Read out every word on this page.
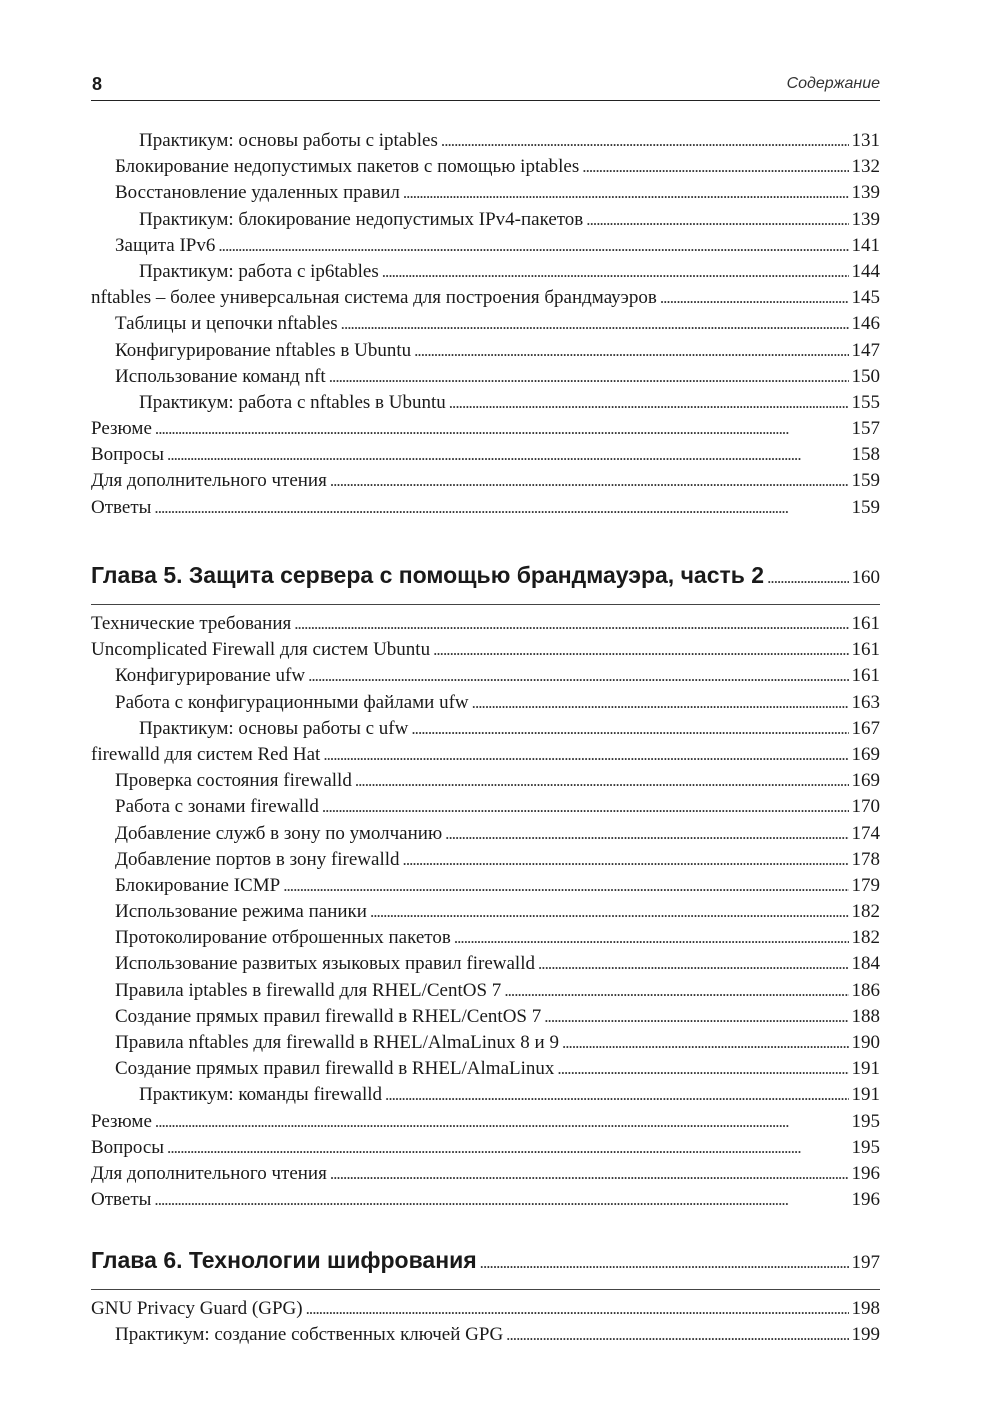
8	Содержание
Практикум: основы работы с iptables . . .	131
Блокирование недопустимых пакетов с помощью iptables . . .	132
Восстановление удаленных правил . . .	139
Практикум: блокирование недопустимых IPv4-пакетов . . .	139
Защита IPv6 . . .	141
Практикум: работа с ip6tables . . .	144
nftables – более универсальная система для построения брандмауэров . . .	145
Таблицы и цепочки nftables . . .	146
Конфигурирование nftables в Ubuntu . . .	147
Использование команд nft . . .	150
Практикум: работа с nftables в Ubuntu . . .	155
Резюме . . .	157
Вопросы . . .	158
Для дополнительного чтения . . .	159
Ответы . . .	159
Глава 5. Защита сервера с помощью брандмауэра, часть 2 . . .	160
Технические требования . . .	161
Uncomplicated Firewall для систем Ubuntu . . .	161
Конфигурирование ufw . . .	161
Работа с конфигурационными файлами ufw . . .	163
Практикум: основы работы с ufw . . .	167
firewalld для систем Red Hat . . .	169
Проверка состояния firewalld . . .	169
Работа с зонами firewalld . . .	170
Добавление служб в зону по умолчанию . . .	174
Добавление портов в зону firewalld . . .	178
Блокирование ICMP . . .	179
Использование режима паники . . .	182
Протоколирование отброшенных пакетов . . .	182
Использование развитых языковых правил firewalld . . .	184
Правила iptables в firewalld для RHEL/CentOS 7 . . .	186
Создание прямых правил firewalld в RHEL/CentOS 7 . . .	188
Правила nftables для firewalld в RHEL/AlmaLinux 8 и 9 . . .	190
Создание прямых правил firewalld в RHEL/AlmaLinux . . .	191
Практикум: команды firewalld . . .	191
Резюме . . .	195
Вопросы . . .	195
Для дополнительного чтения . . .	196
Ответы . . .	196
Глава 6. Технологии шифрования . . .	197
GNU Privacy Guard (GPG) . . .	198
Практикум: создание собственных ключей GPG . . .	199
